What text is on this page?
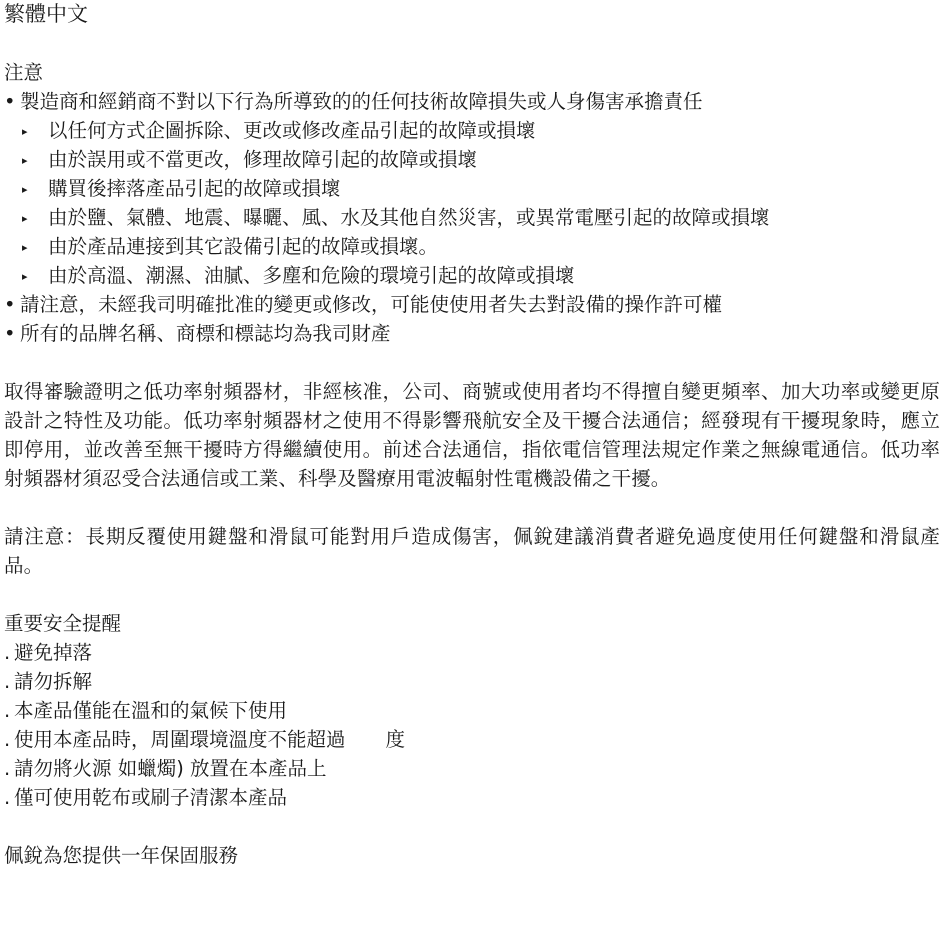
繁體中文
注意
• 製造商和經銷商不對以下行為所導致的的任何技術故障損失或人身傷害承擔責任
▸ 以任何方式企圖拆除、更改或修改產品引起的故障或損壞
▸ 由於誤用或不當更改，修理故障引起的故障或損壞
▸ 購買後摔落產品引起的故障或損壞
▸ 由於鹽、氣體、地震、曝曬、風、水及其他自然災害，或異常電壓引起的故障或損壞
▸ 由於產品連接到其它設備引起的故障或損壞。
▸ 由於高溫、潮濕、油膩、多塵和危險的環境引起的故障或損壞
• 請注意，未經我司明確批准的變更或修改，可能使使用者失去對設備的操作許可權
• 所有的品牌名稱、商標和標誌均為我司財產
取得審驗證明之低功率射頻器材，非經核准，公司、商號或使用者均不得擅自變更頻率、加大功率或變更原設計之特性及功能。低功率射頻器材之使用不得影響飛航安全及干擾合法通信；經發現有干擾現象時，應立即停用，並改善至無干擾時方得繼續使用。前述合法通信，指依電信管理法規定作業之無線電通信。低功率射頻器材須忍受合法通信或工業、科學及醫療用電波輻射性電機設備之干擾。
請注意：長期反覆使用鍵盤和滑鼠可能對用戶造成傷害，佩銳建議消費者避免過度使用任何鍵盤和滑鼠產品。
重要安全提醒
. 避免掉落
. 請勿拆解
. 本產品僅能在溫和的氣候下使用
. 使用本產品時，周圍環境溫度不能超過 度
. 請勿將火源 如蠟燭) 放置在本產品上
. 僅可使用乾布或刷子清潔本產品
佩銳為您提供一年保固服務
